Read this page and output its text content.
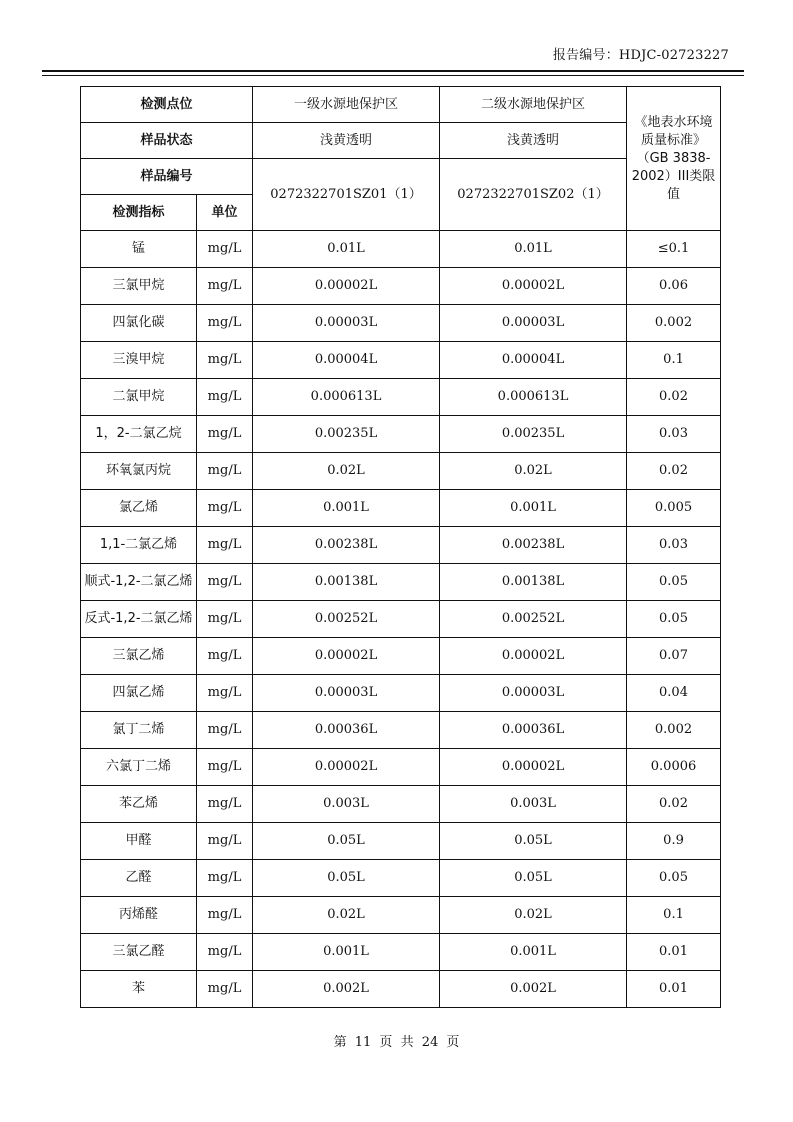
报告编号：HDJC-02723227
检测点位		一级水源地保护区	二级水源地保护区	《地表水环境质量标准》（GB 3838-2002）III类限值
样品状态		浅黄透明	浅黄透明	
样品编号		0272322701SZ01（1）	0272322701SZ02（1）	
检测指标	单位			
锰	mg/L	0.01L	0.01L	≤0.1
三氯甲烷	mg/L	0.00002L	0.00002L	0.06
四氯化碳	mg/L	0.00003L	0.00003L	0.002
三溴甲烷	mg/L	0.00004L	0.00004L	0.1
二氯甲烷	mg/L	0.000613L	0.000613L	0.02
1，2-二氯乙烷	mg/L	0.00235L	0.00235L	0.03
环氧氯丙烷	mg/L	0.02L	0.02L	0.02
氯乙烯	mg/L	0.001L	0.001L	0.005
1,1-二氯乙烯	mg/L	0.00238L	0.00238L	0.03
顺式-1,2-二氯乙烯	mg/L	0.00138L	0.00138L	0.05
反式-1,2-二氯乙烯	mg/L	0.00252L	0.00252L	0.05
三氯乙烯	mg/L	0.00002L	0.00002L	0.07
四氯乙烯	mg/L	0.00003L	0.00003L	0.04
氯丁二烯	mg/L	0.00036L	0.00036L	0.002
六氯丁二烯	mg/L	0.00002L	0.00002L	0.0006
苯乙烯	mg/L	0.003L	0.003L	0.02
甲醛	mg/L	0.05L	0.05L	0.9
乙醛	mg/L	0.05L	0.05L	0.05
丙烯醛	mg/L	0.02L	0.02L	0.1
三氯乙醛	mg/L	0.001L	0.001L	0.01
苯	mg/L	0.002L	0.002L	0.01
第 11 页 共 24 页
